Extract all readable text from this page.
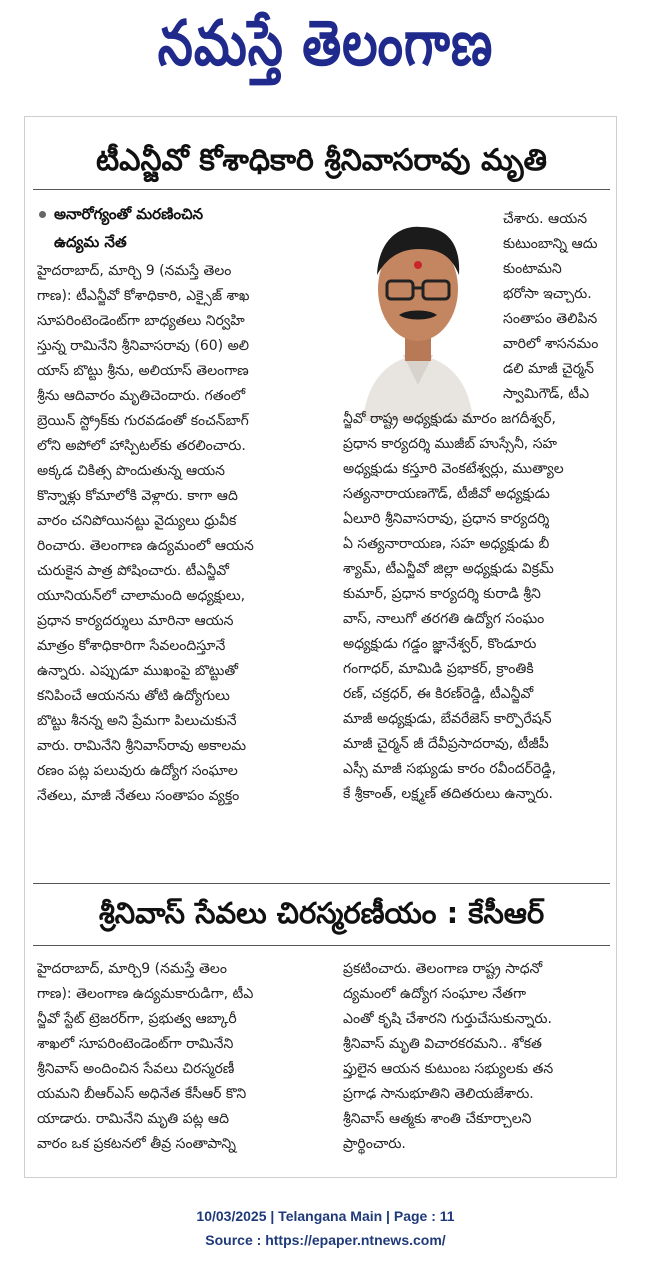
నమస్తే తెలంగాణ
టీఎన్జీవో కోశాధికారి శ్రీనివాసరావు మృతి
అనారోగ్యంతో మరణించిన
ఉద్యమ నేత
హైదరాబాద్, మార్చి 9 (నమస్తే తెలం
గాణ): టీఎన్జీవో కోశాధికారి, ఎక్సైజ్ శాఖ
సూపరింటెండెంట్‌గా బాధ్యతలు నిర్వహి
స్తున్న రామినేని శ్రీనివాసరావు (60) అలి
యాస్ బొట్టు శ్రీను, అలియాస్ తెలంగాణ
శ్రీను ఆదివారం మృతిచెందారు. గతంలో
బ్రెయిన్ స్ట్రోక్‌కు గురవడంతో కంచన్‌బాగ్
లోని అపోలో హాస్పిటల్‌కు తరలించారు.
అక్కడ చికిత్స పొందుతున్న ఆయన
కొన్నాళ్లు కోమాలోకి వెళ్లారు. కాగా ఆది
వారం చనిపోయినట్టు వైద్యులు ధ్రువీక
రించారు. తెలంగాణ ఉద్యమంలో ఆయన
చురుకైన పాత్ర పోషించారు. టీఎన్జీవో
యూనియన్‌లో చాలామంది అధ్యక్షులు,
ప్రధాన కార్యదర్శులు మారినా ఆయన
మాత్రం కోశాధికారిగా సేవలందిస్తూనే
ఉన్నారు. ఎప్పుడూ ముఖంపై బొట్టుతో
కనిపించే ఆయనను తోటి ఉద్యోగులు
బొట్టు శీనన్న అని ప్రేమగా పిలుచుకునే
వారు. రామినేని శ్రీనివాస్‌రావు అకాలమ
రణం పట్ల పలువురు ఉద్యోగ సంఘాల
నేతలు, మాజీ నేతలు సంతాపం వ్యక్తం
చేశారు. ఆయన
కుటుంబాన్ని ఆదు
కుంటామని
భరోసా ఇచ్చారు.
సంతాపం తెలిపిన
వారిలో శాసనమం
డలి మాజీ చైర్మన్
స్వామిగౌడ్, టీఎ
న్జీవో రాష్ట్ర అధ్యక్షుడు మారం జగదీశ్వర్,
ప్రధాన కార్యదర్శి ముజీబ్ హుస్సేనీ, సహ
అధ్యక్షుడు కస్తూరి వెంకటేశ్వర్లు, ముత్యాల
సత్యనారాయణగౌడ్, టీజీవో అధ్యక్షుడు
ఏలూరి శ్రీనివాసరావు, ప్రధాన కార్యదర్శి
ఏ సత్యనారాయణ, సహ అధ్యక్షుడు బీ
శ్యామ్, టీఎన్జీవో జిల్లా అధ్యక్షుడు విక్రమ్
కుమార్, ప్రధాన కార్యదర్శి కురాడి శ్రీని
వాస్, నాలుగో తరగతి ఉద్యోగ సంఘం
అధ్యక్షుడు గడ్డం జ్ఞానేశ్వర్, కొండూరు
గంగాధర్, మామిడి ప్రభాకర్, క్రాంతికి
రణ్, చక్రధర్, ఈ కిరణ్‌రెడ్డి, టీఎన్జీవో
మాజీ అధ్యక్షుడు, బేవరేజెస్ కార్పొరేషన్
మాజీ చైర్మన్ జీ దేవీప్రసాదరావు, టీజీపీ
ఎస్సీ మాజీ సభ్యుడు కారం రవీందర్‌రెడ్డి,
కే శ్రీకాంత్, లక్ష్మణ్ తదితరులు ఉన్నారు.
శ్రీనివాస్ సేవలు చిరస్మరణీయం : కేసీఆర్
హైదరాబాద్, మార్చి9 (నమస్తే తెలం
గాణ): తెలంగాణ ఉద్యమకారుడిగా, టీఎ
న్జీవో స్టేట్ ట్రెజరర్‌గా, ప్రభుత్వ ఆబ్కారీ
శాఖలో సూపరింటెండెంట్‌గా రామినేని
శ్రీనివాస్ అందించిన సేవలు చిరస్మరణీ
యమని బీఆర్‌ఎస్ అధినేత కేసీఆర్ కొని
యాడారు. రామినేని మృతి పట్ల ఆది
వారం ఒక ప్రకటనలో తీవ్ర సంతాపాన్ని
ప్రకటించారు. తెలంగాణ రాష్ట్ర సాధనో
ద్యమంలో ఉద్యోగ సంఘాల నేతగా
ఎంతో కృషి చేశారని గుర్తుచేసుకున్నారు.
శ్రీనివాస్ మృతి విచారకరమని.. శోకత
ప్తులైన ఆయన కుటుంబ సభ్యులకు తన
ప్రగాఢ సానుభూతిని తెలియజేశారు.
శ్రీనివాస్ ఆత్మకు శాంతి చేకూర్చాలని
ప్రార్థించారు.
10/03/2025 | Telangana Main | Page : 11
Source : https://epaper.ntnews.com/
